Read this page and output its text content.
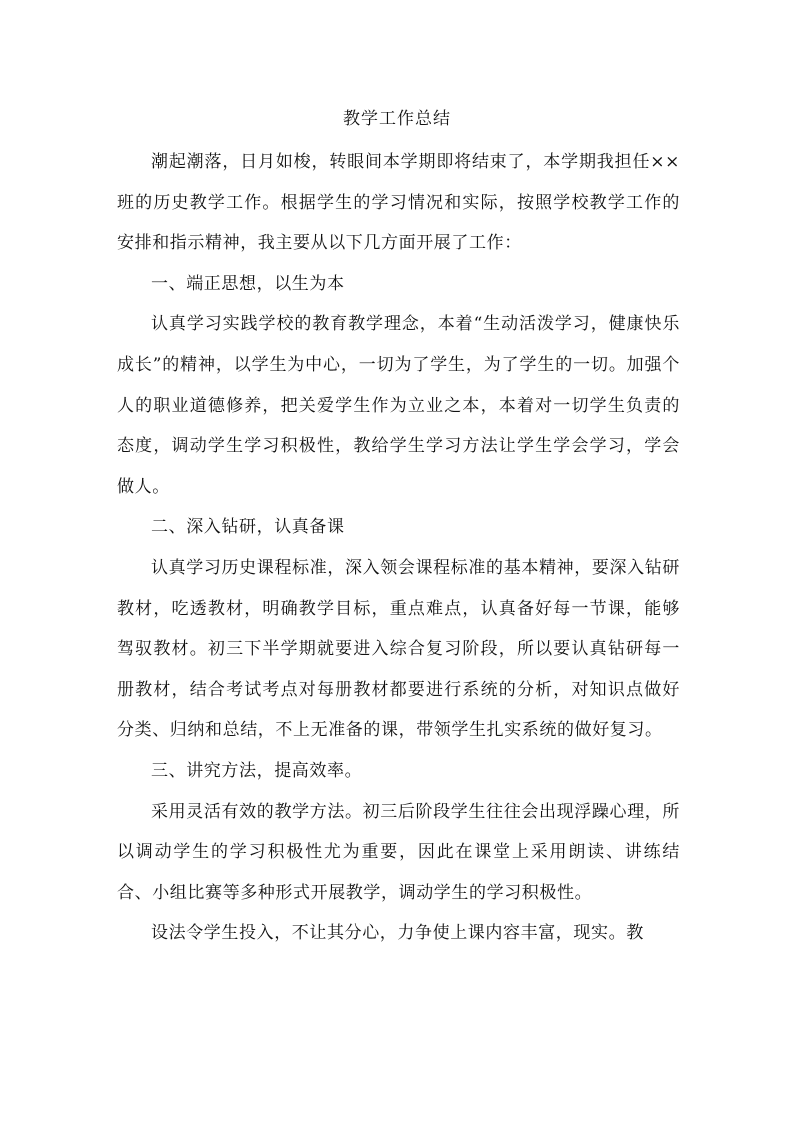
教学工作总结

潮起潮落，日月如梭，转眼间本学期即将结束了，本学期我担任××班的历史教学工作。根据学生的学习情况和实际，按照学校教学工作的安排和指示精神，我主要从以下几方面开展了工作：

一、端正思想，以生为本

认真学习实践学校的教育教学理念，本着“生动活泼学习，健康快乐成长”的精神，以学生为中心，一切为了学生，为了学生的一切。加强个人的职业道德修养，把关爱学生作为立业之本，本着对一切学生负责的态度，调动学生学习积极性，教给学生学习方法让学生学会学习，学会做人。

二、深入钻研，认真备课

认真学习历史课程标准，深入领会课程标准的基本精神，要深入钻研教材，吃透教材，明确教学目标，重点难点，认真备好每一节课，能够驾驭教材。初三下半学期就要进入综合复习阶段，所以要认真钻研每一册教材，结合考试考点对每册教材都要进行系统的分析，对知识点做好分类、归纳和总结，不上无准备的课，带领学生扎实系统的做好复习。

三、讲究方法，提高效率。

采用灵活有效的教学方法。初三后阶段学生往往会出现浮躁心理，所以调动学生的学习积极性尤为重要，因此在课堂上采用朗读、讲练结合、小组比赛等多种形式开展教学，调动学生的学习积极性。

设法令学生投入，不让其分心，力争使上课内容丰富，现实。教
